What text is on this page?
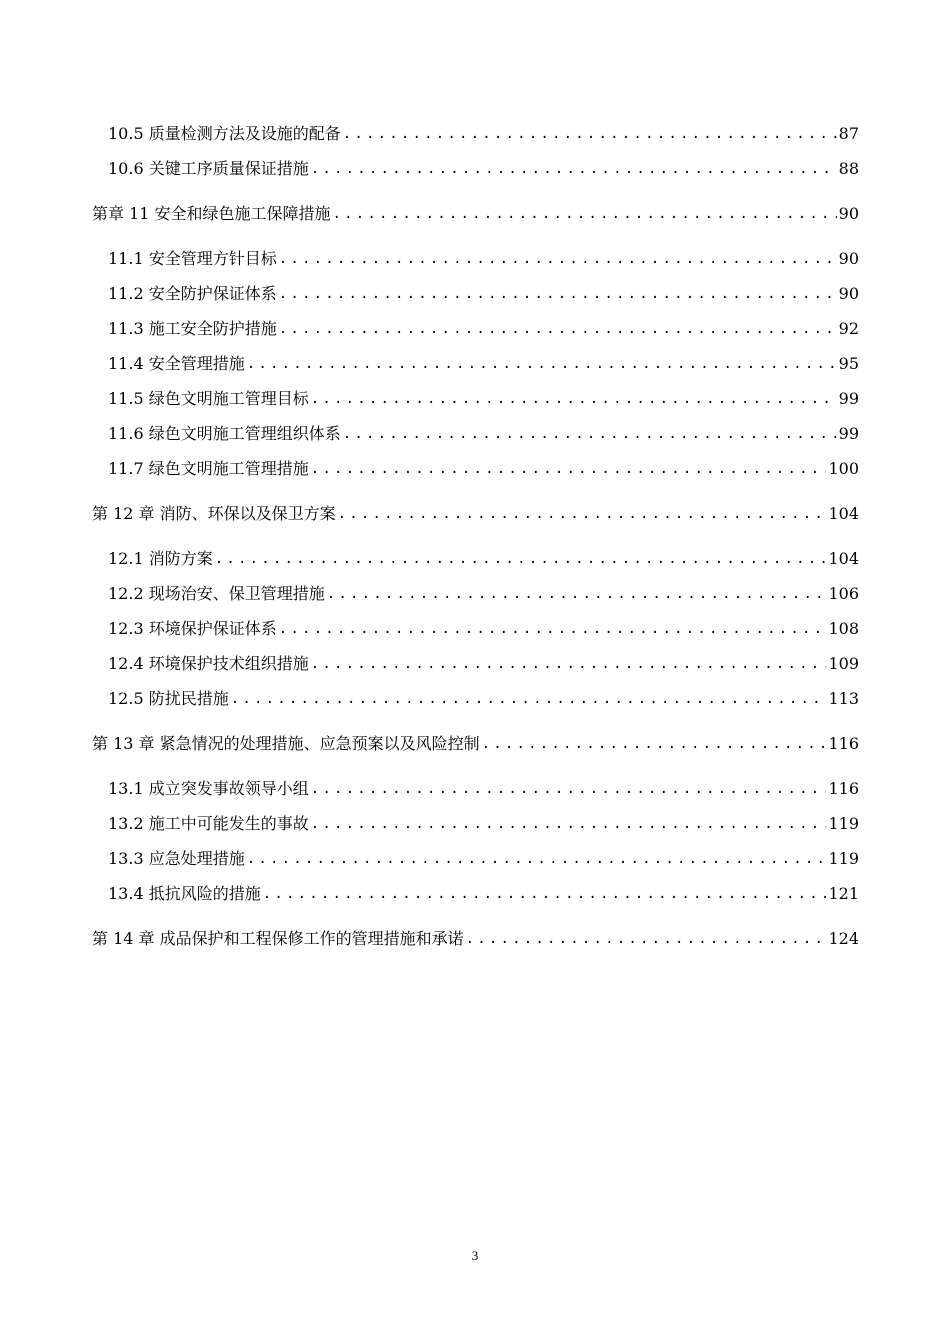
10.5 质量检测方法及设施的配备 .....	87
10.6 关键工序质量保证措施 .....	88
第章 11 安全和绿色施工保障措施 .....	90
11.1 安全管理方针目标 .....	90
11.2 安全防护保证体系 .....	90
11.3 施工安全防护措施 .....	92
11.4 安全管理措施 .....	95
11.5 绿色文明施工管理目标 .....	99
11.6 绿色文明施工管理组织体系 .....	99
11.7 绿色文明施工管理措施 .....	100
第 12 章 消防、环保以及保卫方案 .....	104
12.1 消防方案 .....	104
12.2 现场治安、保卫管理措施 .....	106
12.3 环境保护保证体系 .....	108
12.4 环境保护技术组织措施 .....	109
12.5 防扰民措施 .....	113
第 13 章 紧急情况的处理措施、应急预案以及风险控制 .....	116
13.1 成立突发事故领导小组 .....	116
13.2 施工中可能发生的事故 .....	119
13.3 应急处理措施 .....	119
13.4 抵抗风险的措施 .....	121
第 14 章 成品保护和工程保修工作的管理措施和承诺 .....	124
3
